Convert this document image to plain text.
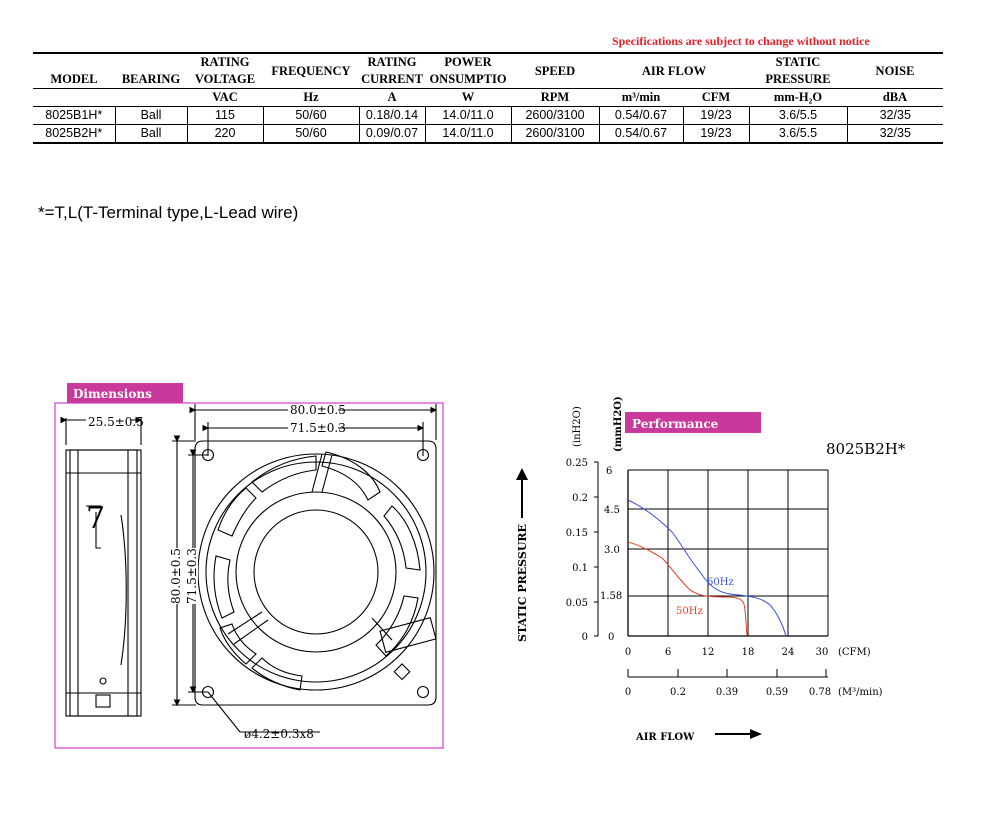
Specifications are subject to change without notice
		RATING	FREQUENCY	RATING	POWER	SPEED	AIR FLOW		STATIC	NOISE
MODEL	BEARING	VOLTAGE		CURRENT	ONSUMPTIO				PRESSURE	
		VAC	Hz	A	W	RPM	m³/min	CFM	mm-H₂O	dBA
8025B1H*	Ball	115	50/60	0.18/0.14	14.0/11.0	2600/3100	0.54/0.67	19/23	3.6/5.5	32/35
8025B2H*	Ball	220	50/60	0.09/0.07	14.0/11.0	2600/3100	0.54/0.67	19/23	3.6/5.5	32/35
*=T,L(T-Terminal type,L-Lead wire)
Dimensions
25.5±0.5
7
80.0±0.5
71.5±0.3
80.0±0.5 71.5±0.3
ø4.2±0.3x8
Performance
8025B2H*
STATIC PRESSURE
(inH2O)	(mmH2O)
0.25
0.2
0.15
0.1
0.05
0
6
4.5
3.0
1.58
0
60Hz
50Hz
0	6	12	18	24 30 (CFM)
0	0.2	0.39	0.59 0.78 (M³/min)
AIR FLOW
